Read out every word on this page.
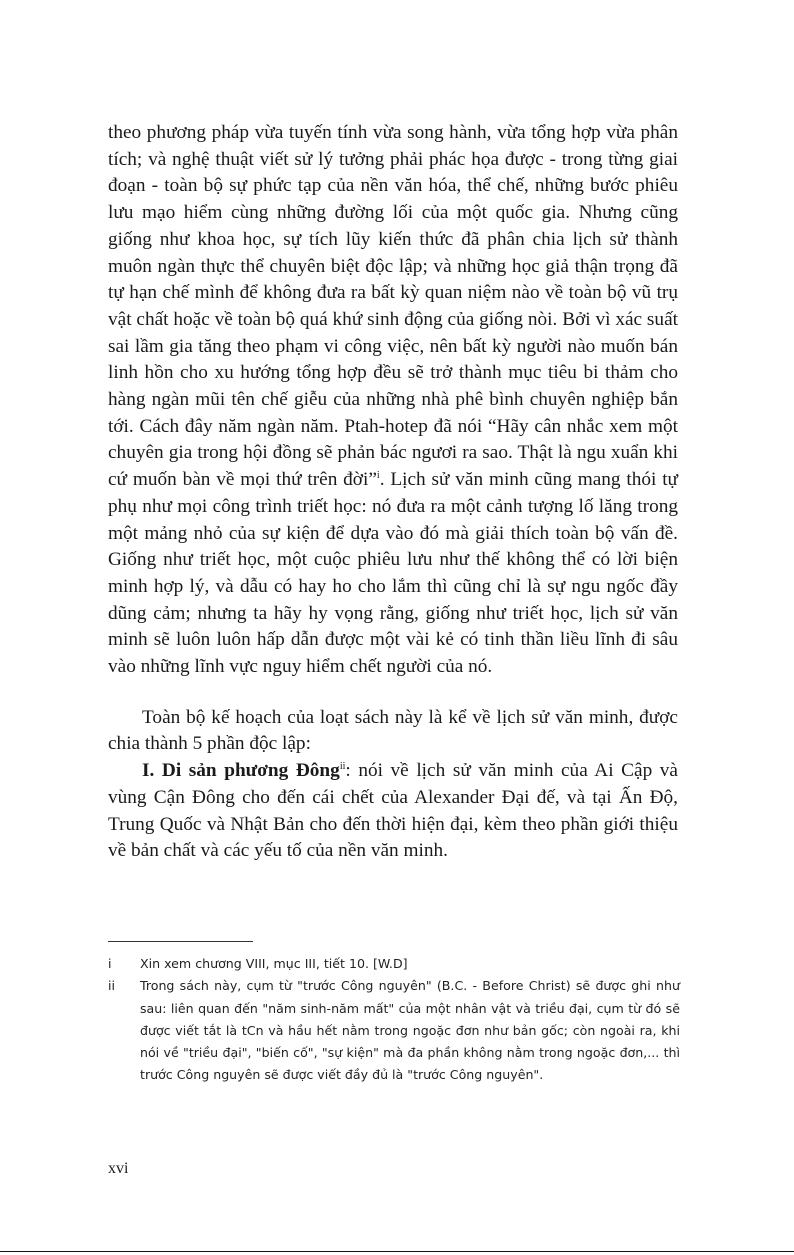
theo phương pháp vừa tuyến tính vừa song hành, vừa tổng hợp vừa phân tích; và nghệ thuật viết sử lý tưởng phải phác họa được - trong từng giai đoạn - toàn bộ sự phức tạp của nền văn hóa, thể chế, những bước phiêu lưu mạo hiểm cùng những đường lối của một quốc gia. Nhưng cũng giống như khoa học, sự tích lũy kiến thức đã phân chia lịch sử thành muôn ngàn thực thể chuyên biệt độc lập; và những học giả thận trọng đã tự hạn chế mình để không đưa ra bất kỳ quan niệm nào về toàn bộ vũ trụ vật chất hoặc về toàn bộ quá khứ sinh động của giống nòi. Bởi vì xác suất sai lầm gia tăng theo phạm vi công việc, nên bất kỳ người nào muốn bán linh hồn cho xu hướng tổng hợp đều sẽ trở thành mục tiêu bi thảm cho hàng ngàn mũi tên chế giễu của những nhà phê bình chuyên nghiệp bắn tới. Cách đây năm ngàn năm. Ptah-hotep đã nói “Hãy cân nhắc xem một chuyên gia trong hội đồng sẽ phản bác ngươi ra sao. Thật là ngu xuẩn khi cứ muốn bàn về mọi thứ trên đời”$^i$. Lịch sử văn minh cũng mang thói tự phụ như mọi công trình triết học: nó đưa ra một cảnh tượng lố lăng trong một mảng nhỏ của sự kiện để dựa vào đó mà giải thích toàn bộ vấn đề. Giống như triết học, một cuộc phiêu lưu như thế không thể có lời biện minh hợp lý, và dẫu có hay ho cho lắm thì cũng chỉ là sự ngu ngốc đầy dũng cảm; nhưng ta hãy hy vọng rằng, giống như triết học, lịch sử văn minh sẽ luôn luôn hấp dẫn được một vài kẻ có tinh thần liều lĩnh đi sâu vào những lĩnh vực nguy hiểm chết người của nó.

Toàn bộ kế hoạch của loạt sách này là kể về lịch sử văn minh, được chia thành 5 phần độc lập:

I. Di sản phương Đông$^{ii}$: nói về lịch sử văn minh của Ai Cập và vùng Cận Đông cho đến cái chết của Alexander Đại đế, và tại Ấn Độ, Trung Quốc và Nhật Bản cho đến thời hiện đại, kèm theo phần giới thiệu về bản chất và các yếu tố của nền văn minh.

i	Xin xem chương VIII, mục III, tiết 10. [W.D]
ii	Trong sách này, cụm từ "trước Công nguyên" (B.C. - Before Christ) sẽ được ghi như sau: liên quan đến "năm sinh-năm mất" của một nhân vật và triều đại, cụm từ đó sẽ được viết tắt là tCn và hầu hết nằm trong ngoặc đơn như bản gốc; còn ngoài ra, khi nói về "triều đại", "biến cố", "sự kiện" mà đa phần không nằm trong ngoặc đơn,... thì trước Công nguyên sẽ được viết đầy đủ là "trước Công nguyên".
xvi
